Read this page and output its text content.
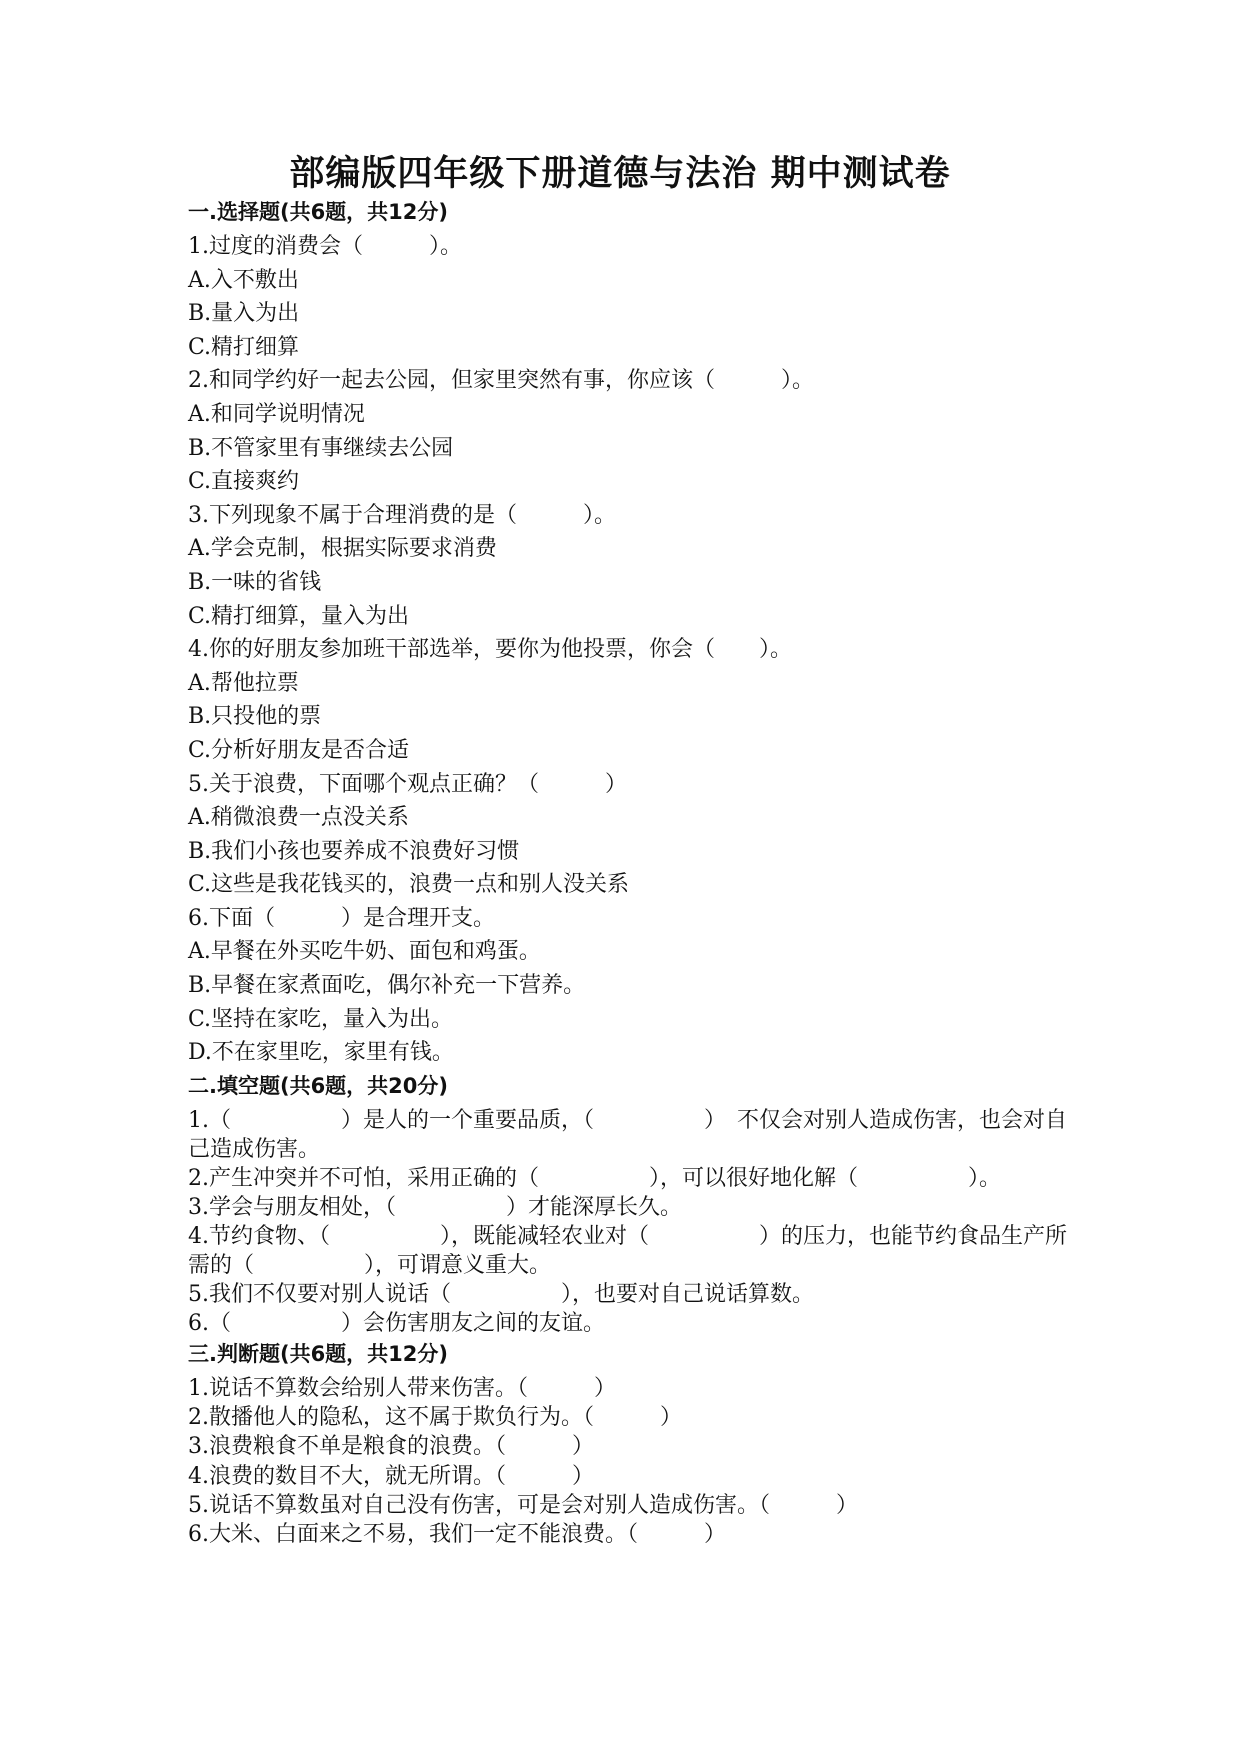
部编版四年级下册道德与法治 期中测试卷
一.选择题(共6题，共12分)
1.过度的消费会（　　　）。
A.入不敷出
B.量入为出
C.精打细算
2.和同学约好一起去公园，但家里突然有事，你应该（　　　）。
A.和同学说明情况
B.不管家里有事继续去公园
C.直接爽约
3.下列现象不属于合理消费的是（　　　）。
A.学会克制，根据实际要求消费
B.一味的省钱
C.精打细算，量入为出
4.你的好朋友参加班干部选举，要你为他投票，你会（　　）。
A.帮他拉票
B.只投他的票
C.分析好朋友是否合适
5.关于浪费，下面哪个观点正确？（　　　）
A.稍微浪费一点没关系
B.我们小孩也要养成不浪费好习惯
C.这些是我花钱买的，浪费一点和别人没关系
6.下面（　　　）是合理开支。
A.早餐在外买吃牛奶、面包和鸡蛋。
B.早餐在家煮面吃，偶尔补充一下营养。
C.坚持在家吃，量入为出。
D.不在家里吃，家里有钱。
二.填空题(共6题，共20分)
1.（　　　　　）是人的一个重要品质，（　　　　　）　不仅会对别人造成伤害，也会对自己造成伤害。
2.产生冲突并不可怕，采用正确的（　　　　　），可以很好地化解（　　　　　）。
3.学会与朋友相处，（　　　　　）才能深厚长久。
4.节约食物、（　　　　　），既能减轻农业对（　　　　　）的压力，也能节约食品生产所需的（　　　　　），可谓意义重大。
5.我们不仅要对别人说话（　　　　　），也要对自己说话算数。
6.（　　　　　）会伤害朋友之间的友谊。
三.判断题(共6题，共12分)
1.说话不算数会给别人带来伤害。（　　　）
2.散播他人的隐私，这不属于欺负行为。（　　　）
3.浪费粮食不单是粮食的浪费。（　　　）
4.浪费的数目不大，就无所谓。（　　　）
5.说话不算数虽对自己没有伤害，可是会对别人造成伤害。（　　　）
6.大米、白面来之不易，我们一定不能浪费。（　　　）
